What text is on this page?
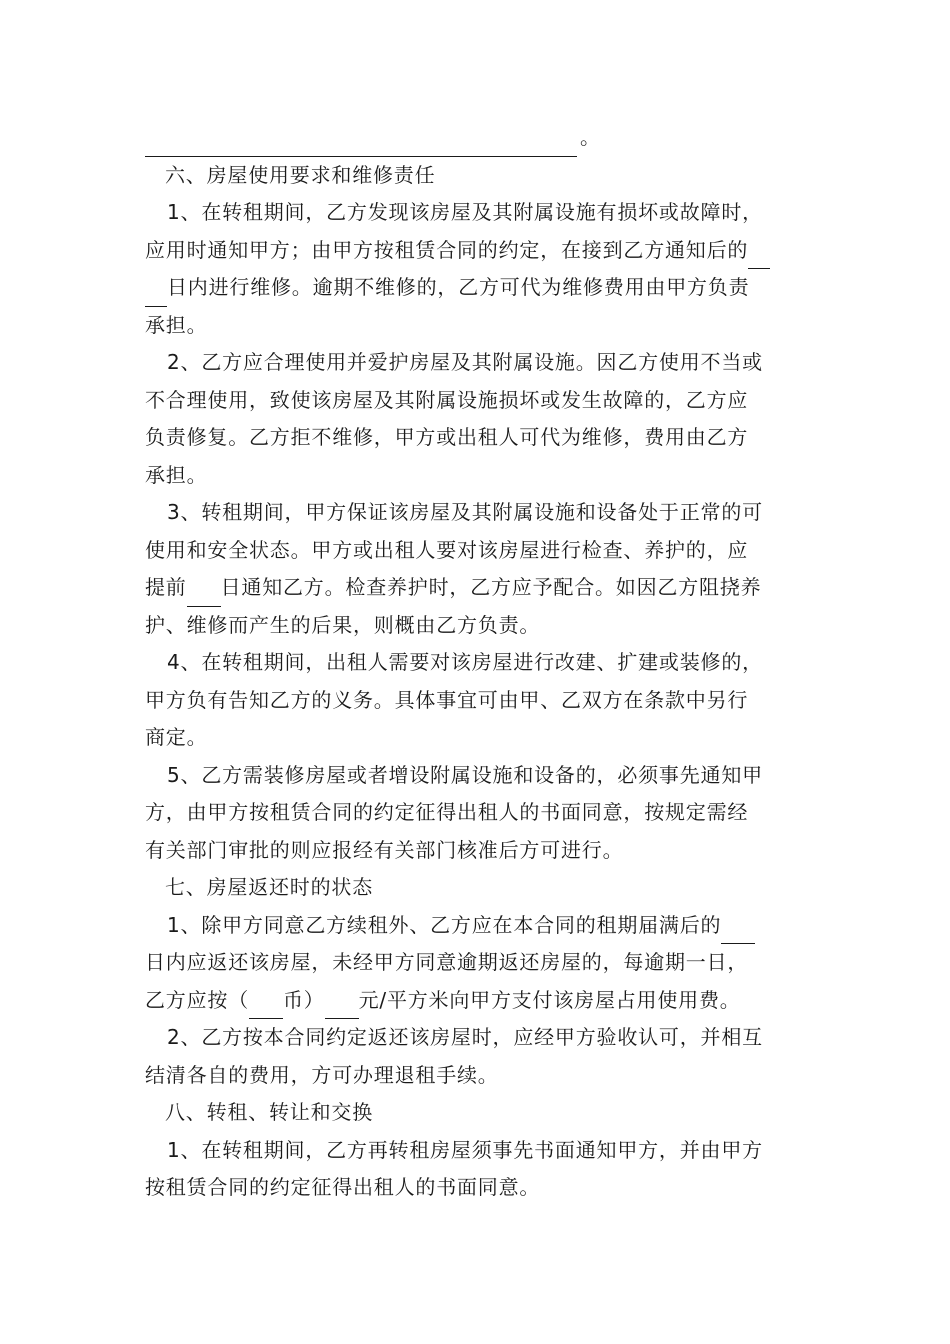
。
六、房屋使用要求和维修责任
1、在转租期间，乙方发现该房屋及其附属设施有损坏或故障时，
应用时通知甲方；由甲方按租赁合同的约定，在接到乙方通知后的
日内进行维修。逾期不维修的，乙方可代为维修费用由甲方负责
承担。
2、乙方应合理使用并爱护房屋及其附属设施。因乙方使用不当或
不合理使用，致使该房屋及其附属设施损坏或发生故障的，乙方应
负责修复。乙方拒不维修，甲方或出租人可代为维修，费用由乙方
承担。
3、转租期间，甲方保证该房屋及其附属设施和设备处于正常的可
使用和安全状态。甲方或出租人要对该房屋进行检查、养护的，应
提前 日通知乙方。检查养护时，乙方应予配合。如因乙方阻挠养
护、维修而产生的后果，则概由乙方负责。
4、在转租期间，出租人需要对该房屋进行改建、扩建或装修的，
甲方负有告知乙方的义务。具体事宜可由甲、乙双方在条款中另行
商定。
5、乙方需装修房屋或者增设附属设施和设备的，必须事先通知甲
方，由甲方按租赁合同的约定征得出租人的书面同意，按规定需经
有关部门审批的则应报经有关部门核准后方可进行。
七、房屋返还时的状态
1、除甲方同意乙方续租外、乙方应在本合同的租期届满后的
日内应返还该房屋，未经甲方同意逾期返还房屋的，每逾期一日，
乙方应按（ 币） 元/平方米向甲方支付该房屋占用使用费。
2、乙方按本合同约定返还该房屋时，应经甲方验收认可，并相互
结清各自的费用，方可办理退租手续。
八、转租、转让和交换
1、在转租期间，乙方再转租房屋须事先书面通知甲方，并由甲方
按租赁合同的约定征得出租人的书面同意。
